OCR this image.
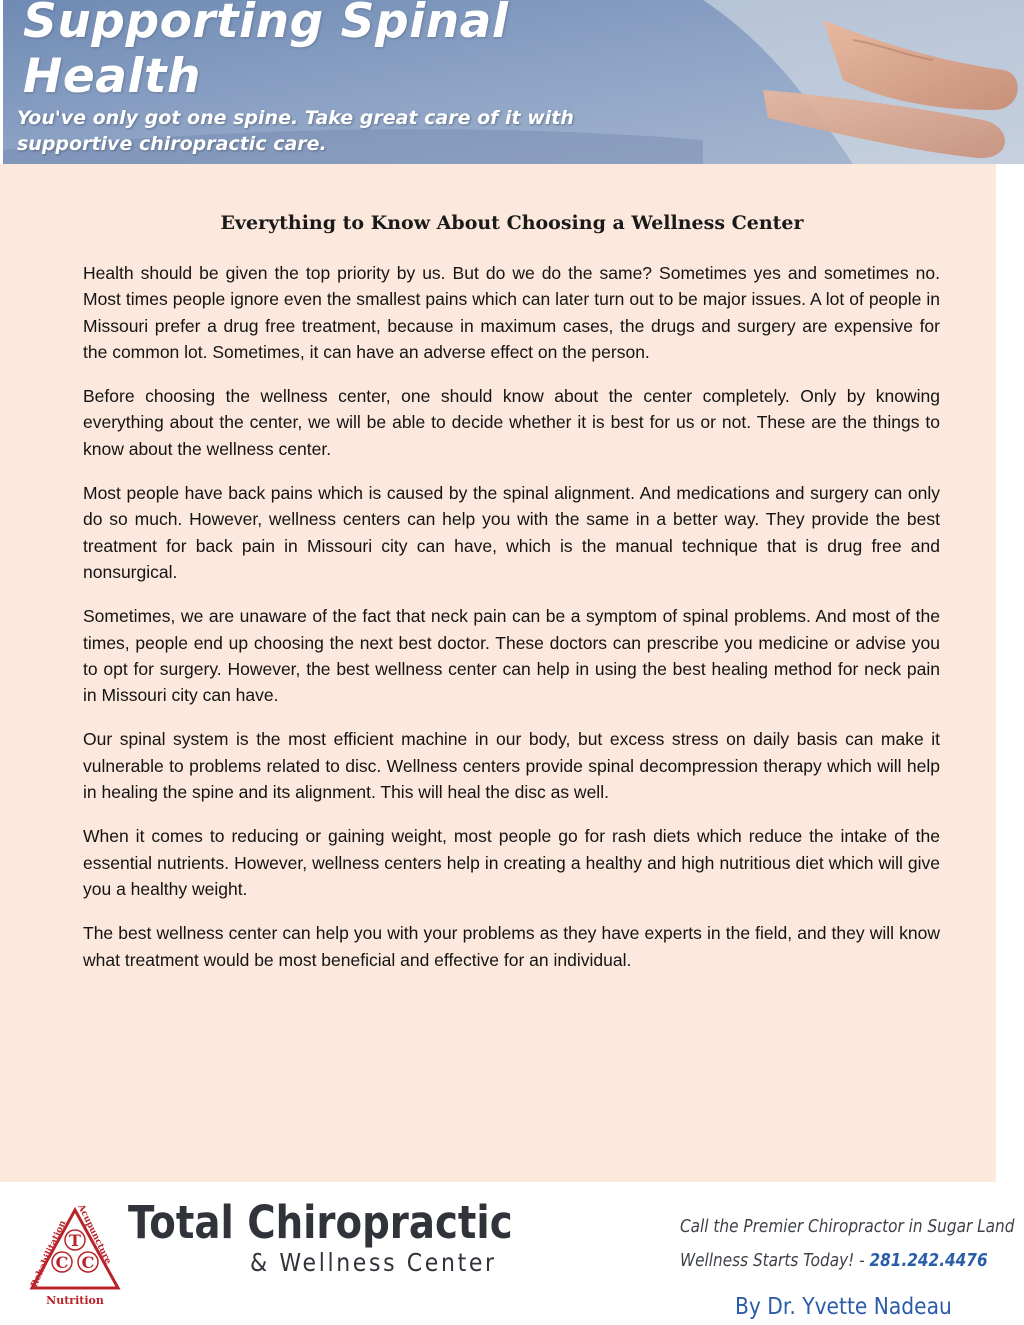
Supporting Spinal
Health

You've only got one spine. Take great care of it with
supportive chiropractic care.

Everything to Know About Choosing a Wellness Center

Health should be given the top priority by us. But do we do the same? Sometimes yes and sometimes no. Most times people ignore even the smallest pains which can later turn out to be major issues. A lot of people in Missouri prefer a drug free treatment, because in maximum cases, the drugs and surgery are expensive for the common lot. Sometimes, it can have an adverse effect on the person.

Before choosing the wellness center, one should know about the center completely. Only by knowing everything about the center, we will be able to decide whether it is best for us or not. These are the things to know about the wellness center.

Most people have back pains which is caused by the spinal alignment. And medications and surgery can only do so much. However, wellness centers can help you with the same in a better way. They provide the best treatment for back pain in Missouri city can have, which is the manual technique that is drug free and nonsurgical.

Sometimes, we are unaware of the fact that neck pain can be a symptom of spinal problems. And most of the times, people end up choosing the next best doctor. These doctors can prescribe you medicine or advise you to opt for surgery. However, the best wellness center can help in using the best healing method for neck pain in Missouri city can have.

Our spinal system is the most efficient machine in our body, but excess stress on daily basis can make it vulnerable to problems related to disc. Wellness centers provide spinal decompression therapy which will help in healing the spine and its alignment. This will heal the disc as well.

When it comes to reducing or gaining weight, most people go for rash diets which reduce the intake of the essential nutrients. However, wellness centers help in creating a healthy and high nutritious diet which will give you a healthy weight.

The best wellness center can help you with your problems as they have experts in the field, and they will know what treatment would be most beneficial and effective for an individual.

T
C C
Rehabilitation
Acupuncture
Nutrition

Total Chiropractic

& Wellness Center

Call the Premier Chiropractor in Sugar Land
Wellness Starts Today! - 281.242.4476

By Dr. Yvette Nadeau
